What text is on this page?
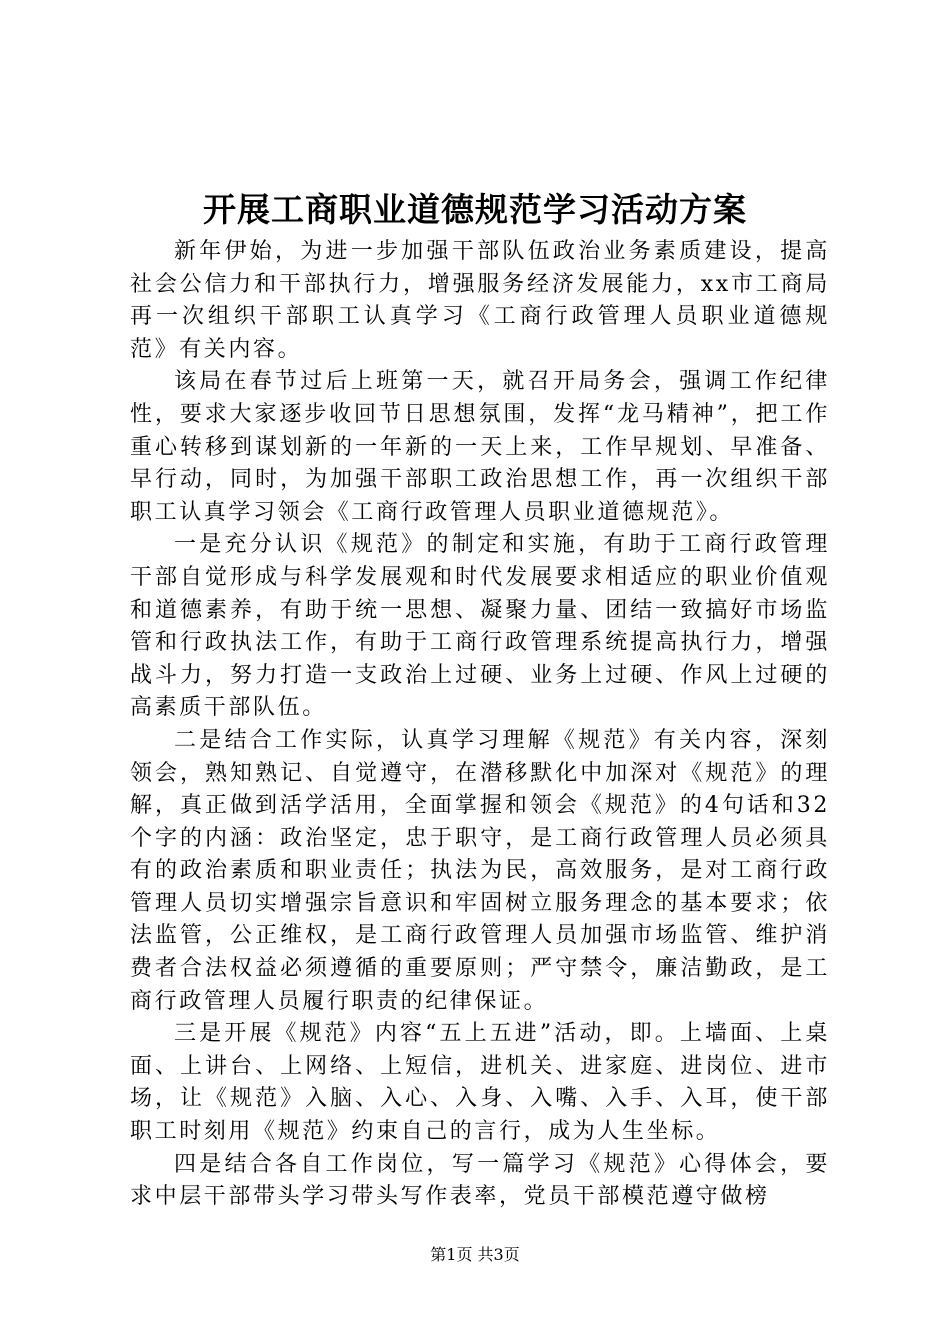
开展工商职业道德规范学习活动方案

新年伊始，为进一步加强干部队伍政治业务素质建设，提高社会公信力和干部执行力，增强服务经济发展能力，xx市工商局再一次组织干部职工认真学习《工商行政管理人员职业道德规范》有关内容。

该局在春节过后上班第一天，就召开局务会，强调工作纪律性，要求大家逐步收回节日思想氛围，发挥“龙马精神”，把工作重心转移到谋划新的一年新的一天上来，工作早规划、早准备、早行动，同时，为加强干部职工政治思想工作，再一次组织干部职工认真学习领会《工商行政管理人员职业道德规范》。

一是充分认识《规范》的制定和实施，有助于工商行政管理干部自觉形成与科学发展观和时代发展要求相适应的职业价值观和道德素养，有助于统一思想、凝聚力量、团结一致搞好市场监管和行政执法工作，有助于工商行政管理系统提高执行力，增强战斗力，努力打造一支政治上过硬、业务上过硬、作风上过硬的高素质干部队伍。

二是结合工作实际，认真学习理解《规范》有关内容，深刻领会，熟知熟记、自觉遵守，在潜移默化中加深对《规范》的理解，真正做到活学活用，全面掌握和领会《规范》的4句话和32个字的内涵：政治坚定，忠于职守，是工商行政管理人员必须具有的政治素质和职业责任；执法为民，高效服务，是对工商行政管理人员切实增强宗旨意识和牢固树立服务理念的基本要求；依法监管，公正维权，是工商行政管理人员加强市场监管、维护消费者合法权益必须遵循的重要原则；严守禁令，廉洁勤政，是工商行政管理人员履行职责的纪律保证。

三是开展《规范》内容“五上五进”活动，即。上墙面、上桌面、上讲台、上网络、上短信，进机关、进家庭、进岗位、进市场，让《规范》入脑、入心、入身、入嘴、入手、入耳，使干部职工时刻用《规范》约束自己的言行，成为人生坐标。

四是结合各自工作岗位，写一篇学习《规范》心得体会，要求中层干部带头学习带头写作表率，党员干部模范遵守做榜

第1页 共3页
